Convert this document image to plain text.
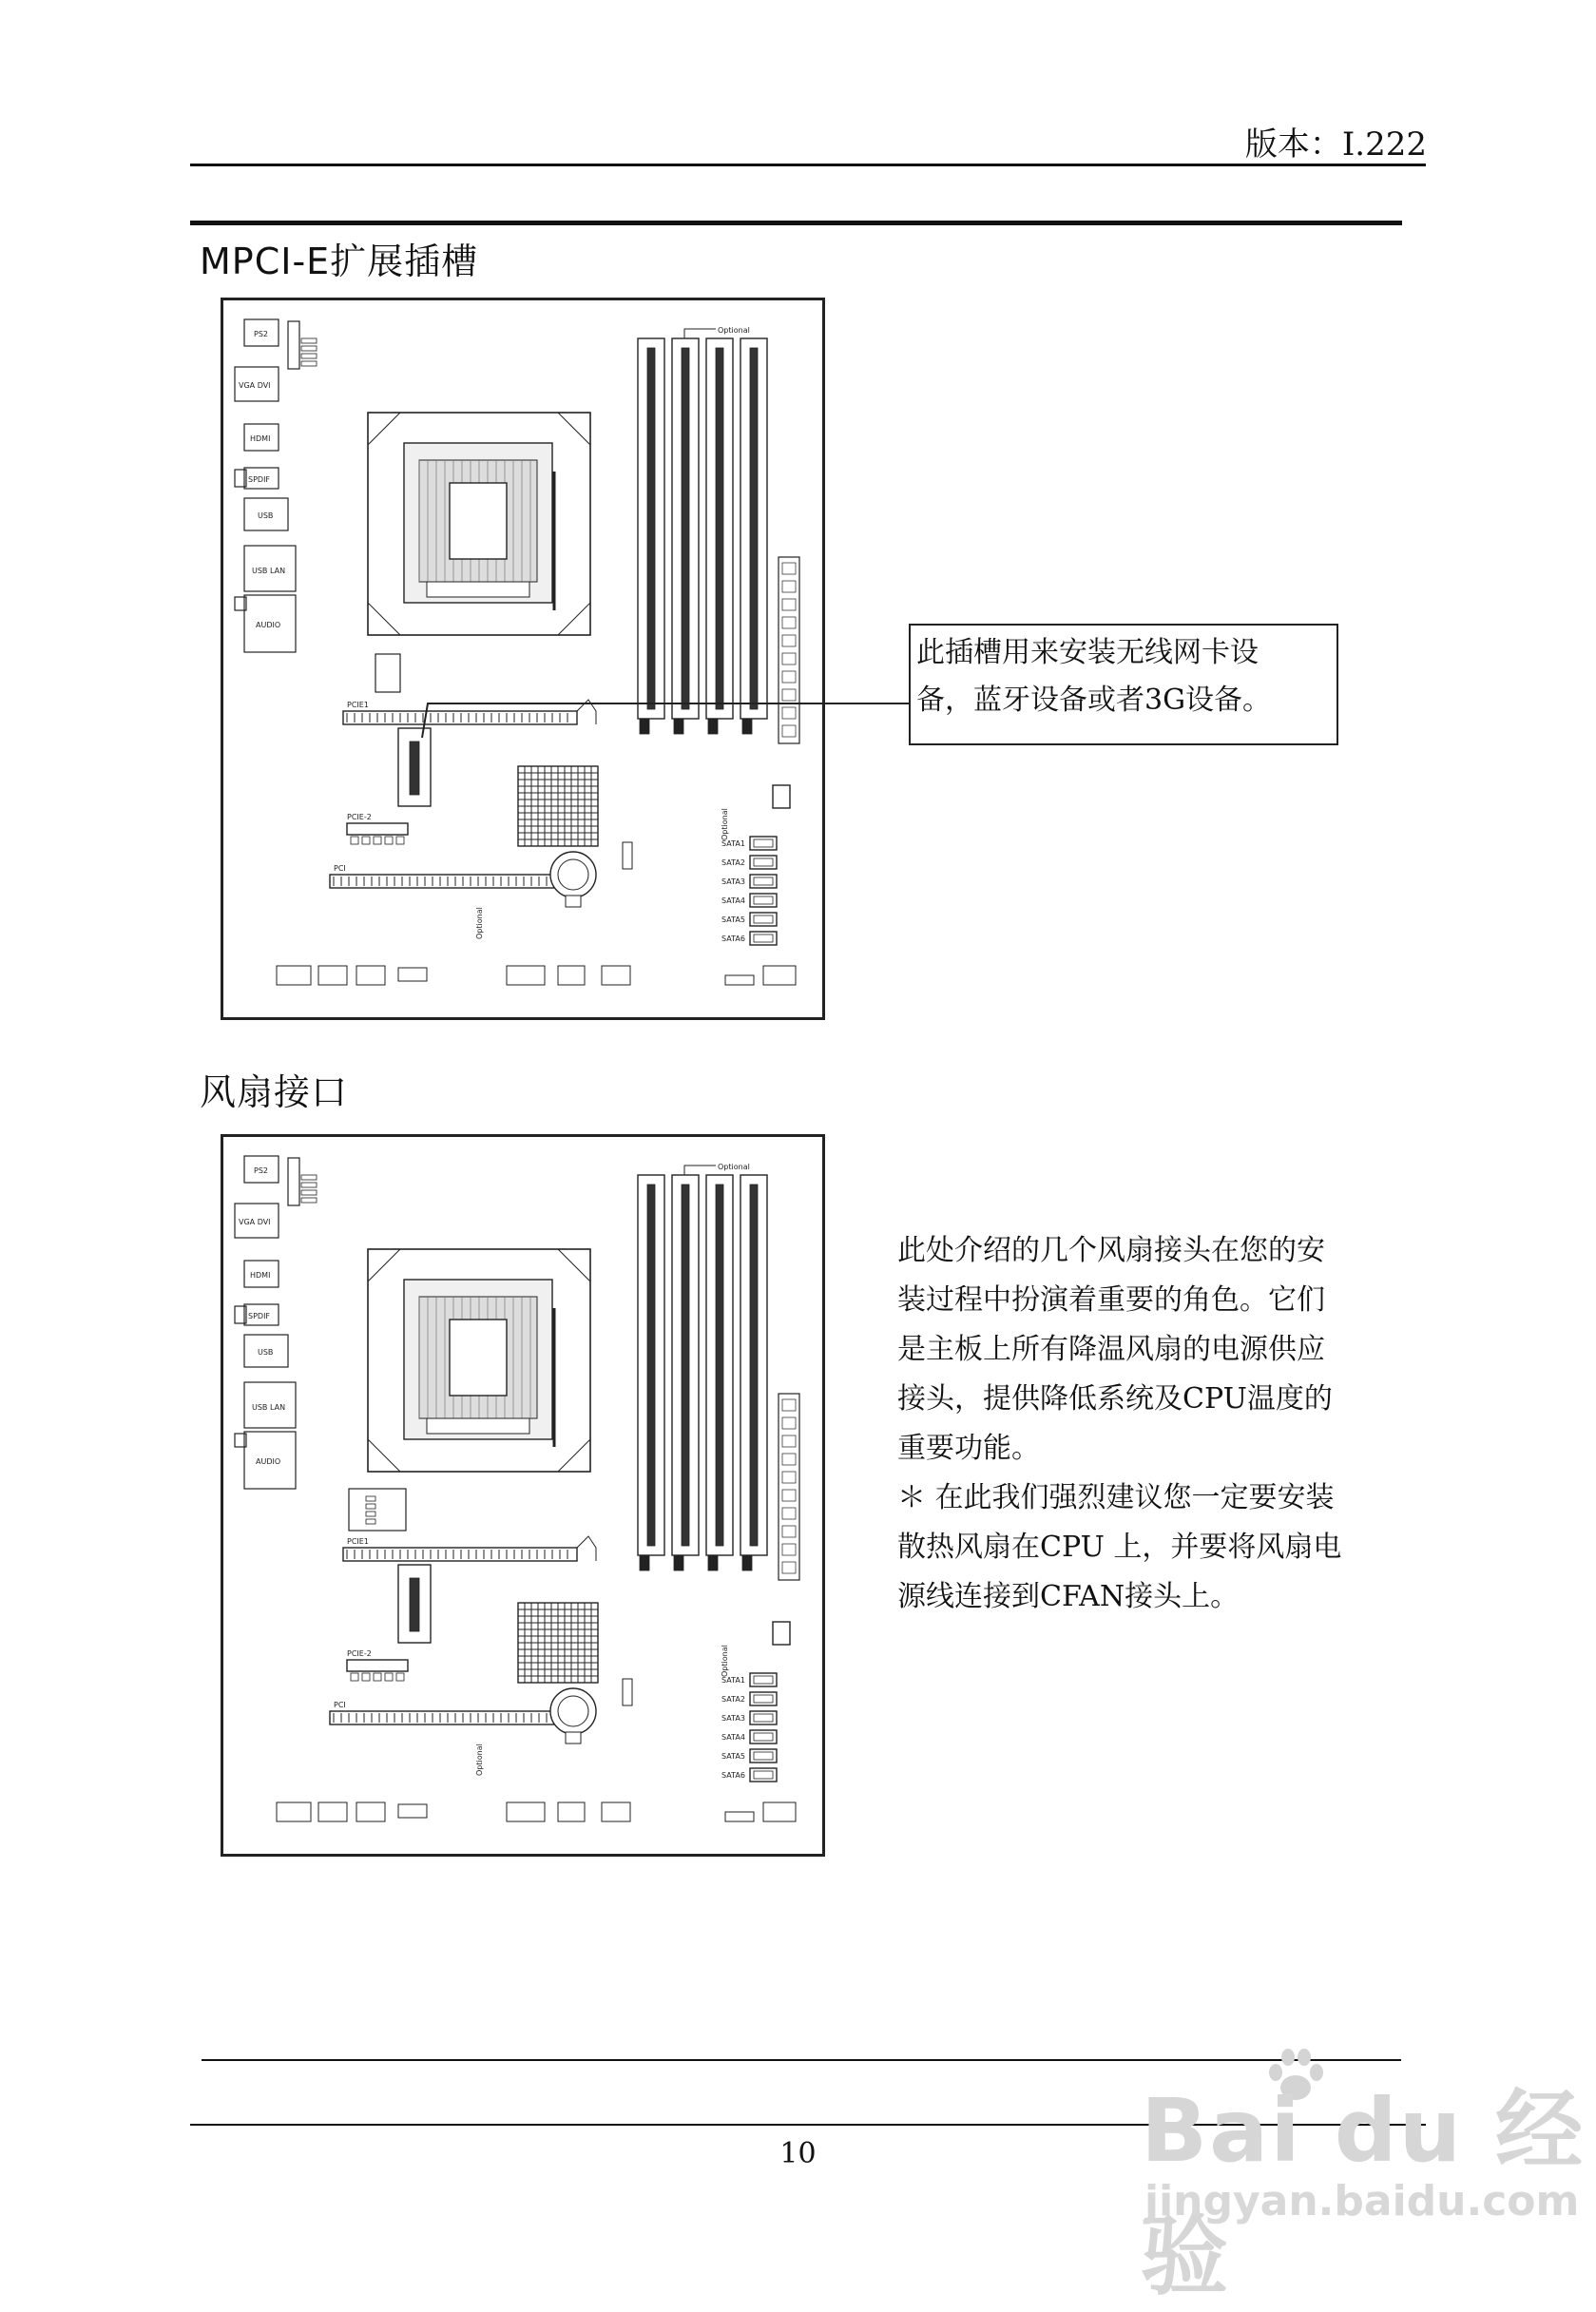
版本：I.222
MPCI-E扩展插槽
PS2
VGA DVI
HDMI
SPDIF
USB
USB LAN
AUDIO
Optional
PCIE1
PCIE-2
PCI
Optional
SATA1
SATA2
SATA3
SATA4
SATA5
SATA6
Optional
此插槽用来安装无线网卡设
备，蓝牙设备或者3G设备。
风扇接口
PS2
VGA DVI
HDMI
SPDIF
USB
USB LAN
AUDIO
Optional
PCIE1
PCIE-2
PCI
Optional
SATA1
SATA2
SATA3
SATA4
SATA5
SATA6
Optional
此处介绍的几个风扇接头在您的安
装过程中扮演着重要的角色。它们
是主板上所有降温风扇的电源供应
接头，提供降低系统及CPU温度的
重要功能。
＊ 在此我们强烈建议您一定要安装
散热风扇在CPU 上，并要将风扇电
源线连接到CFAN接头上。
10	Bai du 经验
jingyan.baidu.com
